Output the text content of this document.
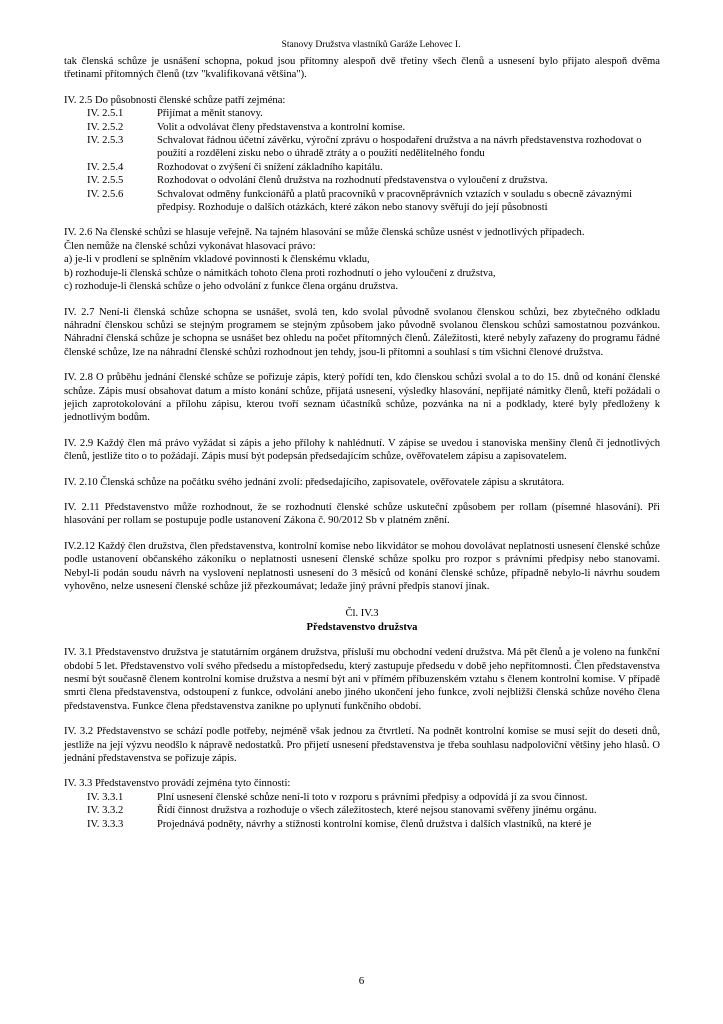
Stanovy Družstva vlastníků Garáže Lehovec I.

tak členská schůze je usnášení schopna, pokud jsou přítomny alespoň dvě třetiny všech členů a usnesení bylo přijato alespoň dvěma třetinami přítomných členů (tzv "kvalifikovaná většina").

IV. 2.5 Do působnosti členské schůze patří zejména:
IV. 2.5.1	Přijímat a měnit stanovy.
IV. 2.5.2	Volit a odvolávat členy představenstva a kontrolní komise.
IV. 2.5.3	Schvalovat řádnou účetní závěrku, výroční zprávu o hospodaření družstva a na návrh představenstva rozhodovat o použití a rozdělení zisku nebo o úhradě ztráty a o použití nedělitelného fondu
IV. 2.5.4	Rozhodovat o zvýšení či snížení základního kapitálu.
IV. 2.5.5	Rozhodovat o odvolání členů družstva na rozhodnutí představenstva o vyloučení z družstva.
IV. 2.5.6	Schvalovat odměny funkcionářů a platů pracovníků v pracovněprávních vztazích v souladu s obecně závaznými předpisy. Rozhoduje o dalších otázkách, které zákon nebo stanovy svěřují do její působnosti
IV. 2.6 Na členské schůzi se hlasuje veřejně. Na tajném hlasování se může členská schůze usnést v jednotlivých případech.
Člen nemůže na členské schůzi vykonávat hlasovací právo:
a) je-li v prodlení se splněním vkladové povinnosti k členskému vkladu,
b) rozhoduje-li členská schůze o námitkách tohoto člena proti rozhodnutí o jeho vyloučení z družstva,
c) rozhoduje-li členská schůze o jeho odvolání z funkce člena orgánu družstva.

IV. 2.7 Není-li členská schůze schopna se usnášet, svolá ten, kdo svolal původně svolanou členskou schůzi, bez zbytečného odkladu náhradní členskou schůzi se stejným programem se stejným způsobem jako původně svolanou členskou schůzi samostatnou pozvánkou. Náhradní členská schůze je schopna se usnášet bez ohledu na počet přítomných členů. Záležitosti, které nebyly zařazeny do programu řádné členské schůze, lze na náhradní členské schůzi rozhodnout jen tehdy, jsou-li přítomni a souhlasí s tím všichni členové družstva.

IV. 2.8 O průběhu jednání členské schůze se pořizuje zápis, který pořídí ten, kdo členskou schůzi svolal a to do 15. dnů od konání členské schůze. Zápis musí obsahovat datum a místo konání schůze, přijatá usnesení, výsledky hlasování, nepřijaté námitky členů, kteří požádali o jejich zaprotokolování a přílohu zápisu, kterou tvoří seznam účastníků schůze, pozvánka na ni a podklady, které byly předloženy k jednotlivým bodům.

IV. 2.9 Každý člen má právo vyžádat si zápis a jeho přílohy k nahlédnutí. V zápise se uvedou i stanoviska menšiny členů či jednotlivých členů, jestliže tito o to požádají. Zápis musí být podepsán předsedajícím schůze, ověřovatelem zápisu a zapisovatelem.

IV. 2.10 Členská schůze na počátku svého jednání zvolí: předsedajícího, zapisovatele, ověřovatele zápisu a skrutátora.

IV. 2.11 Představenstvo může rozhodnout, že se rozhodnutí členské schůze uskuteční způsobem per rollam (písemné hlasování). Při hlasování per rollam se postupuje podle ustanovení Zákona č. 90/2012 Sb v platném znění.

IV.2.12 Každý člen družstva, člen představenstva, kontrolní komise nebo likvidátor se mohou dovolávat neplatnosti usnesení členské schůze podle ustanovení občanského zákoníku o neplatnosti usnesení členské schůze spolku pro rozpor s právními předpisy nebo stanovami. Nebyl-li podán soudu návrh na vyslovení neplatnosti usnesení do 3 měsíců od konání členské schůze, případně nebylo-li návrhu soudem vyhověno, nelze usnesení členské schůze již přezkoumávat; ledaže jiný právní předpis stanoví jinak.

Čl. IV.3
Představenstvo družstva

IV. 3.1 Představenstvo družstva je statutárním orgánem družstva, přísluší mu obchodní vedení družstva. Má pět členů a je voleno na funkční období 5 let. Představenstvo volí svého předsedu a místopředsedu, který zastupuje předsedu v době jeho nepřítomnosti. Člen představenstva nesmí být současně členem kontrolní komise družstva a nesmí být ani v přímém příbuzenském vztahu s členem kontrolní komise. V případě smrti člena představenstva, odstoupení z funkce, odvolání anebo jiného ukončení jeho funkce, zvolí nejbližší členská schůze nového člena představenstva. Funkce člena představenstva zanikne po uplynutí funkčního období.

IV. 3.2 Představenstvo se schází podle potřeby, nejméně však jednou za čtvrtletí. Na podnět kontrolní komise se musí sejít do deseti dnů, jestliže na její výzvu neodšlo k nápravě nedostatků. Pro přijetí usnesení představenstva je třeba souhlasu nadpoloviční většiny jeho hlasů. O jednání představenstva se pořizuje zápis.

IV. 3.3 Představenstvo provádí zejména tyto činnosti:
IV. 3.3.1	Plní usnesení členské schůze není-li toto v rozporu s právními předpisy a odpovídá jí za svou činnost.
IV. 3.3.2	Řídí činnost družstva a rozhoduje o všech záležitostech, které nejsou stanovami svěřeny jinému orgánu.
IV. 3.3.3	Projednává podněty, návrhy a stížnosti kontrolní komise, členů družstva i dalších vlastníků, na které je
6
